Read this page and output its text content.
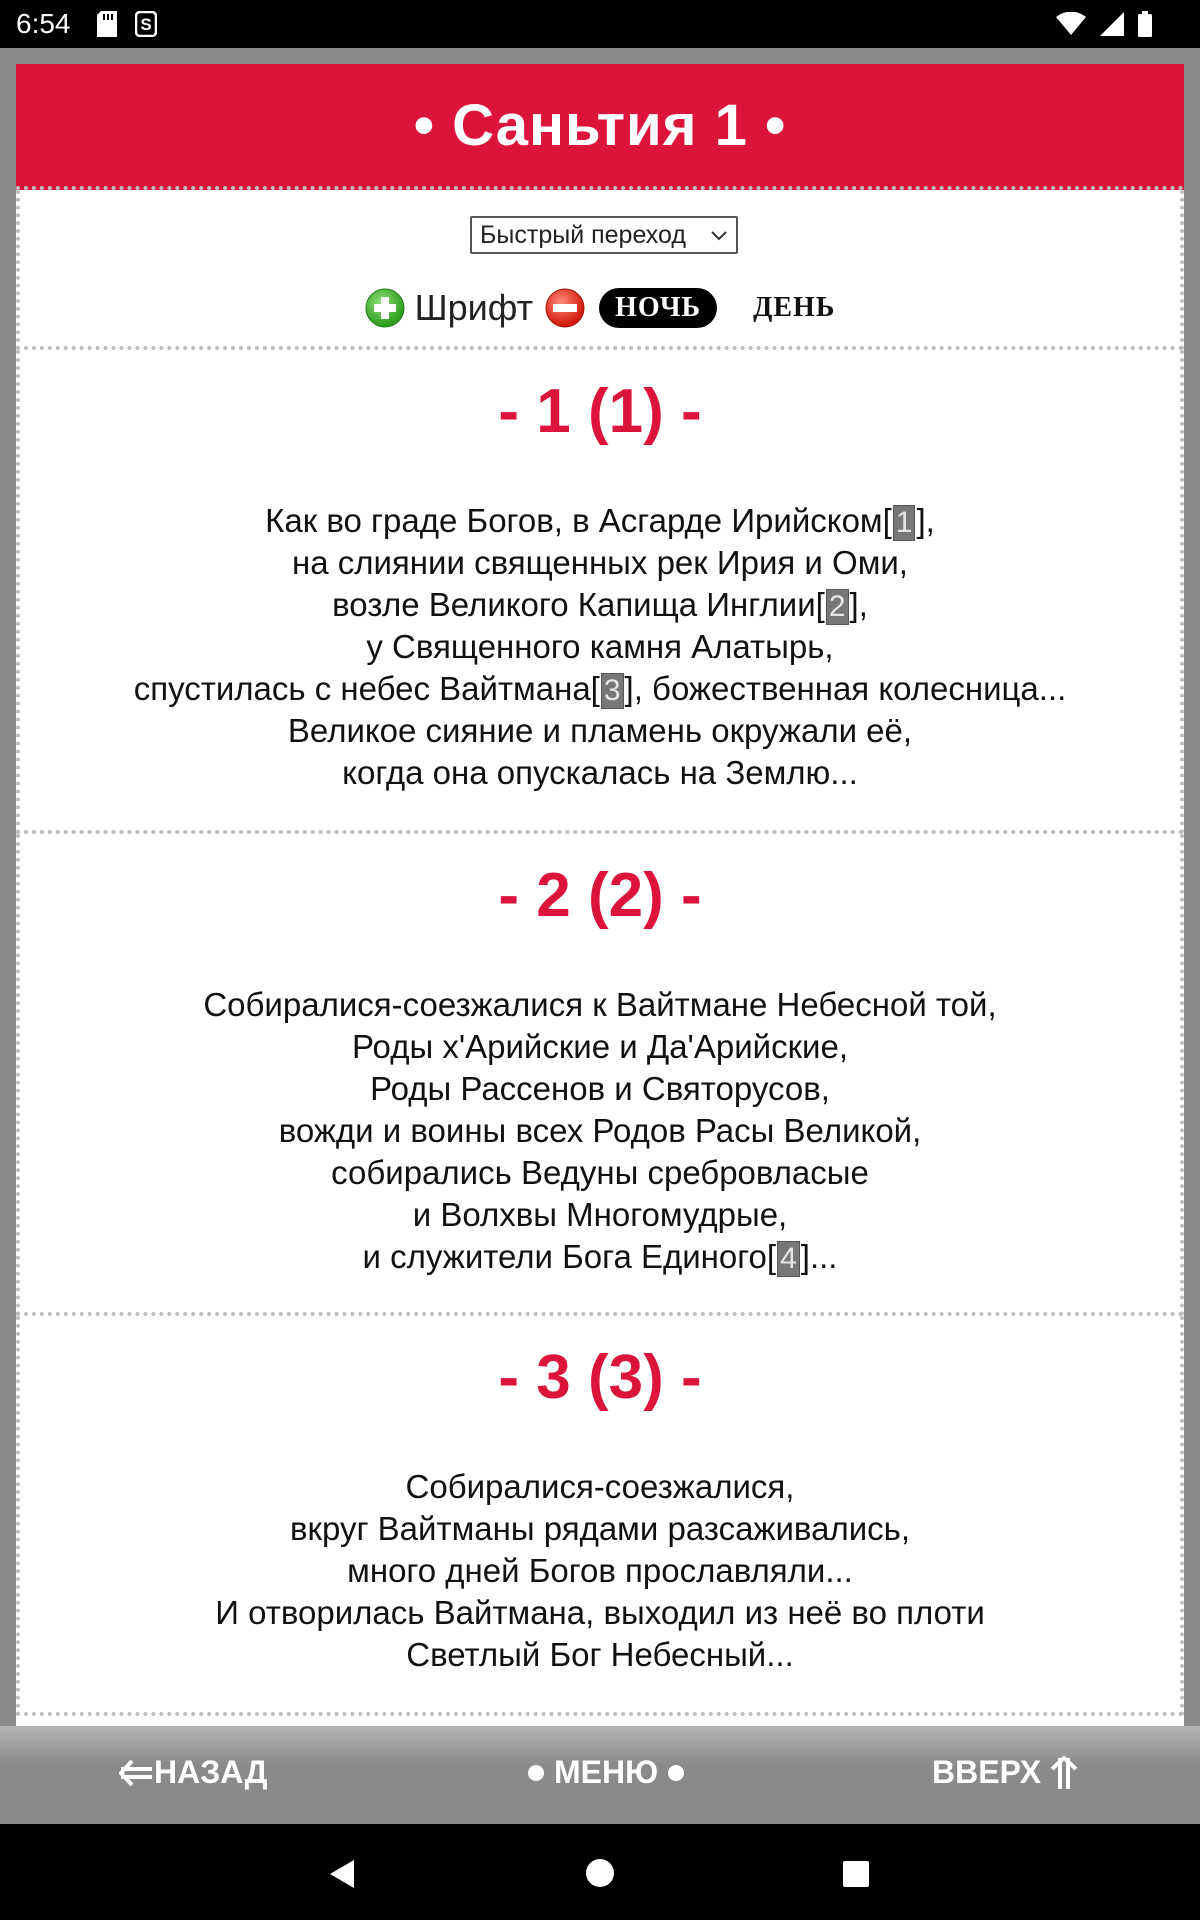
6:54	S
• Саньтия 1 •
Быстрый переход
Шрифт	НОЧЬ	ДЕНЬ
- 1 (1) -
Как во граде Богов, в Асгарде Ирийском[ 1 ],
на слиянии священных рек Ирия и Оми,
возле Великого Капища Инглии[ 2 ],
у Священного камня Алатырь,
спустилась с небес Вайтмана[ 3 ], божественная колесница...
Великое сияние и пламень окружали её,
когда она опускалась на Землю...
- 2 (2) -
Собиралися-соезжалися к Вайтмане Небесной той,
Роды х'Арийские и Да'Арийские,
Роды Рассенов и Святорусов,
вожди и воины всех Родов Расы Великой,
собирались Ведуны сребровласые
и Волхвы Многомудрые,
и служители Бога Единого[ 4 ]...
- 3 (3) -
Собиралися-соезжалися,
вкруг Вайтманы рядами разсаживались,
много дней Богов прославляли...
И отворилась Вайтмана, выходил из неё во плоти
Светлый Бог Небесный...
НАЗАД	МЕНЮ	ВВЕРХ
